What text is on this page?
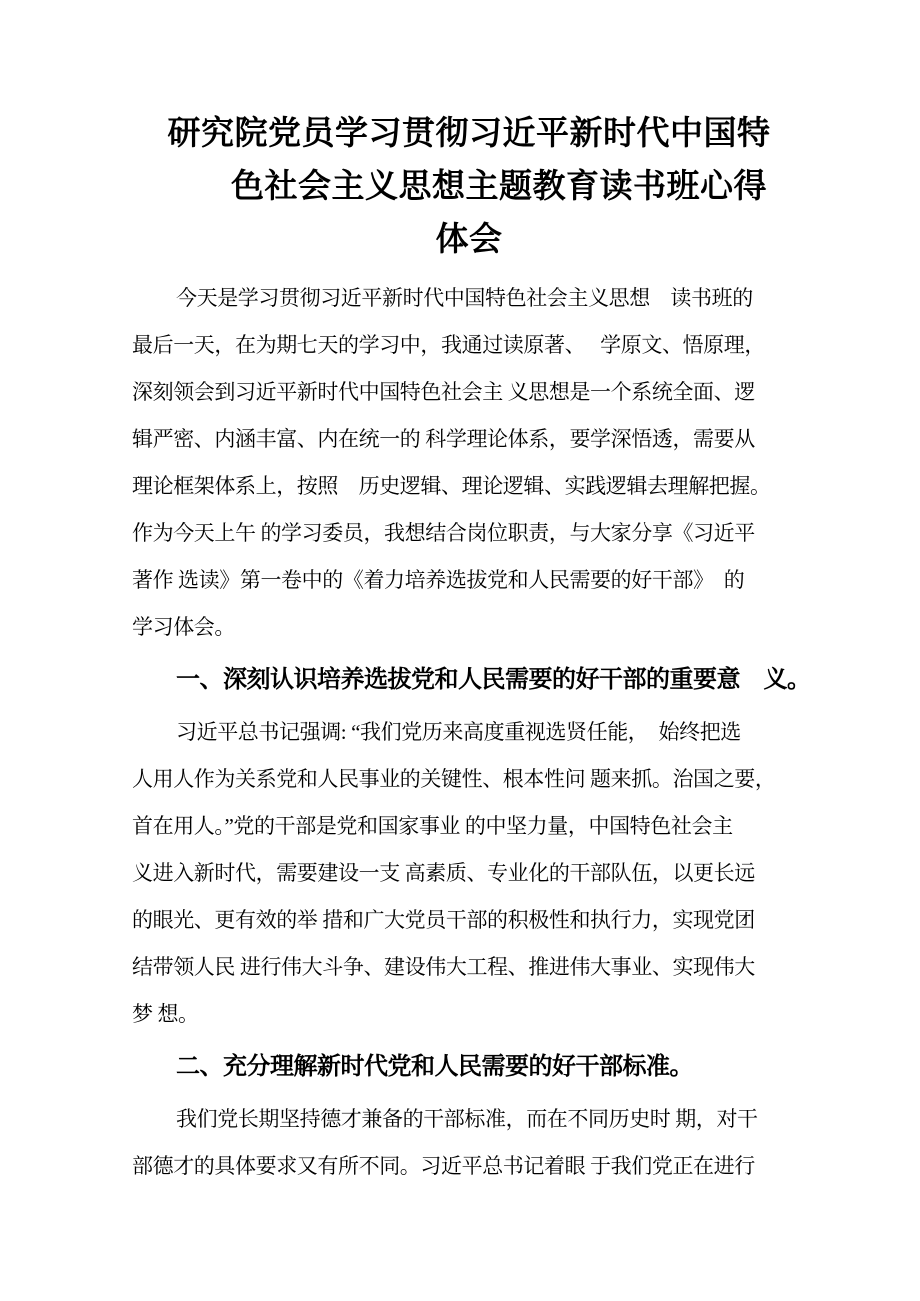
研究院党员学习贯彻习近平新时代中国特
色社会主义思想主题教育读书班心得
体会
今天是学习贯彻习近平新时代中国特色社会主义思想　读书班的
最后一天，在为期七天的学习中，我通过读原著、　 学原文、悟原理，
深刻领会到习近平新时代中国特色社会主 义思想是一个系统全面、逻
辑严密、内涵丰富、内在统一的 科学理论体系，要学深悟透，需要从
理论框架体系上，按照　历史逻辑、理论逻辑、实践逻辑去理解把握。
作为今天上午 的学习委员，我想结合岗位职责，与大家分享《习近平
著作 选读》第一卷中的《着力培养选拔党和人民需要的好干部》　的
学习体会。
一、深刻认识培养选拔党和人民需要的好干部的重要意　义。
习近平总书记强调: “我们党历来高度重视选贤任能，　始终把选
人用人作为关系党和人民事业的关键性、根本性问 题来抓。治国之要，
首在用人。”党的干部是党和国家事业 的中坚力量，中国特色社会主
义进入新时代，需要建设一支 高素质、专业化的干部队伍，以更长远
的眼光、更有效的举 措和广大党员干部的积极性和执行力，实现党团
结带领人民 进行伟大斗争、建设伟大工程、推进伟大事业、实现伟大
梦 想。
二、充分理解新时代党和人民需要的好干部标准。
我们党长期坚持德才兼备的干部标准，而在不同历史时 期，对干
部德才的具体要求又有所不同。习近平总书记着眼 于我们党正在进行
